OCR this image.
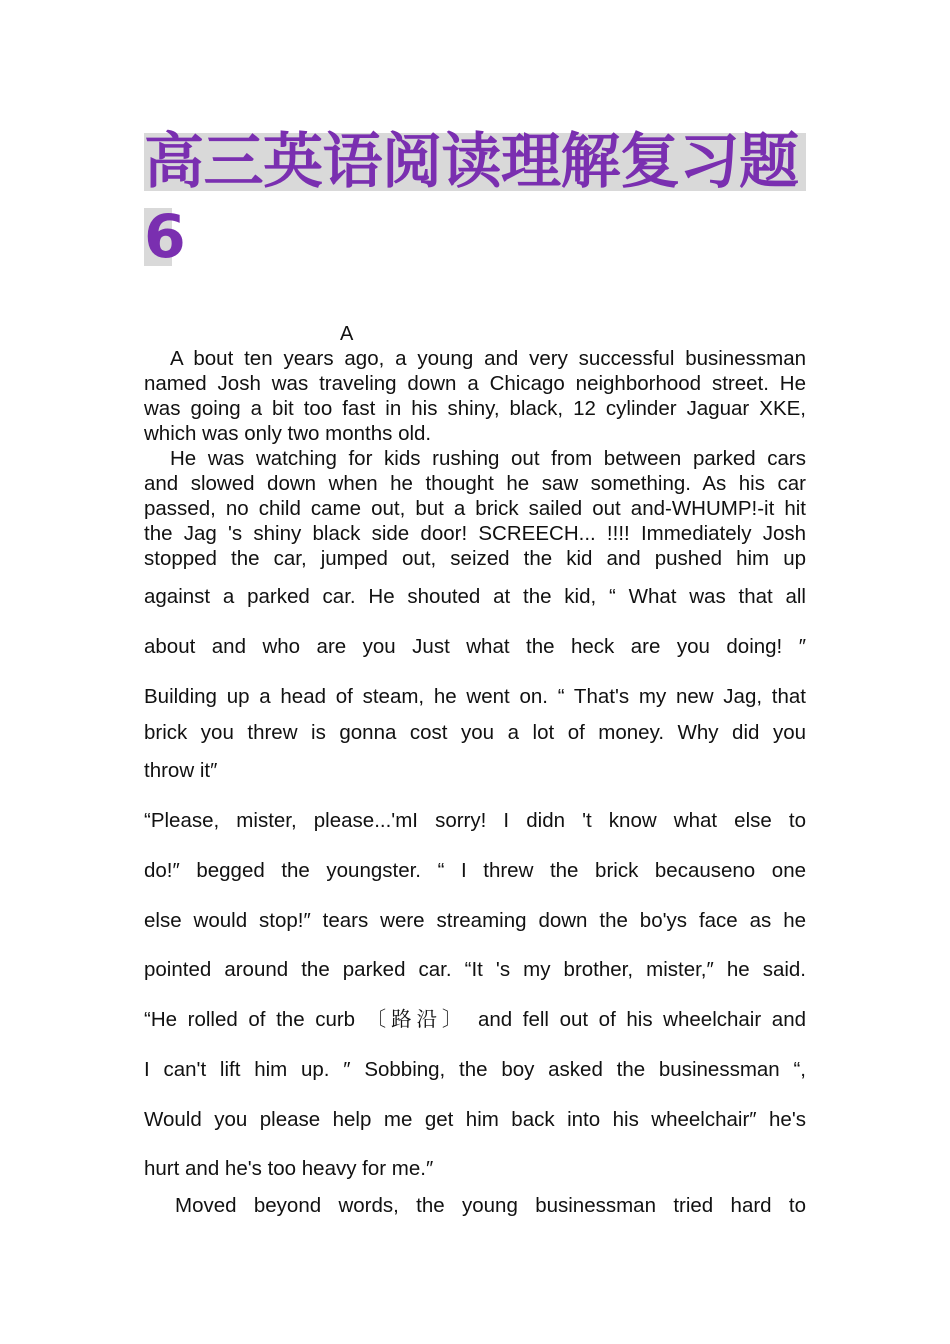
高三英语阅读理解复习题
6
A
A bout ten years ago, a young and very successful businessman
named Josh was traveling down a Chicago neighborhood street. He
was going a bit too fast in his shiny, black, 12 cylinder Jaguar XKE,
which was only two months old.
He was watching for kids rushing out from between parked cars
and slowed down when he thought he saw something. As his car
passed, no child came out, but a brick sailed out and-WHUMP!-it hit
the Jag 's shiny black side door! SCREECH... !!!! Immediately Josh
stopped the car, jumped out, seized the kid and pushed him up
against a parked car. He shouted at the kid, “ What was that all
about and who are you Just what the heck are you doing! ″
Building up a head of steam, he went on. “ That's my new Jag, that
brick you threw is gonna cost you a lot of money. Why did you
throw it″
“Please, mister, please...'mI sorry! I didn 't know what else to
do!″ begged the youngster. “ I threw the brick becauseno one
else would stop!″ tears were streaming down the bo'ys face as he
pointed around the parked car. “It 's my brother, mister,″ he said.
“He rolled of the curb 〔路沿〕 and fell out of his wheelchair and
I can't lift him up. ″ Sobbing, the boy asked the businessman “,
Would you please help me get him back into his wheelchair″ he's
hurt and he's too heavy for me.″
Moved beyond words, the young businessman tried hard to
